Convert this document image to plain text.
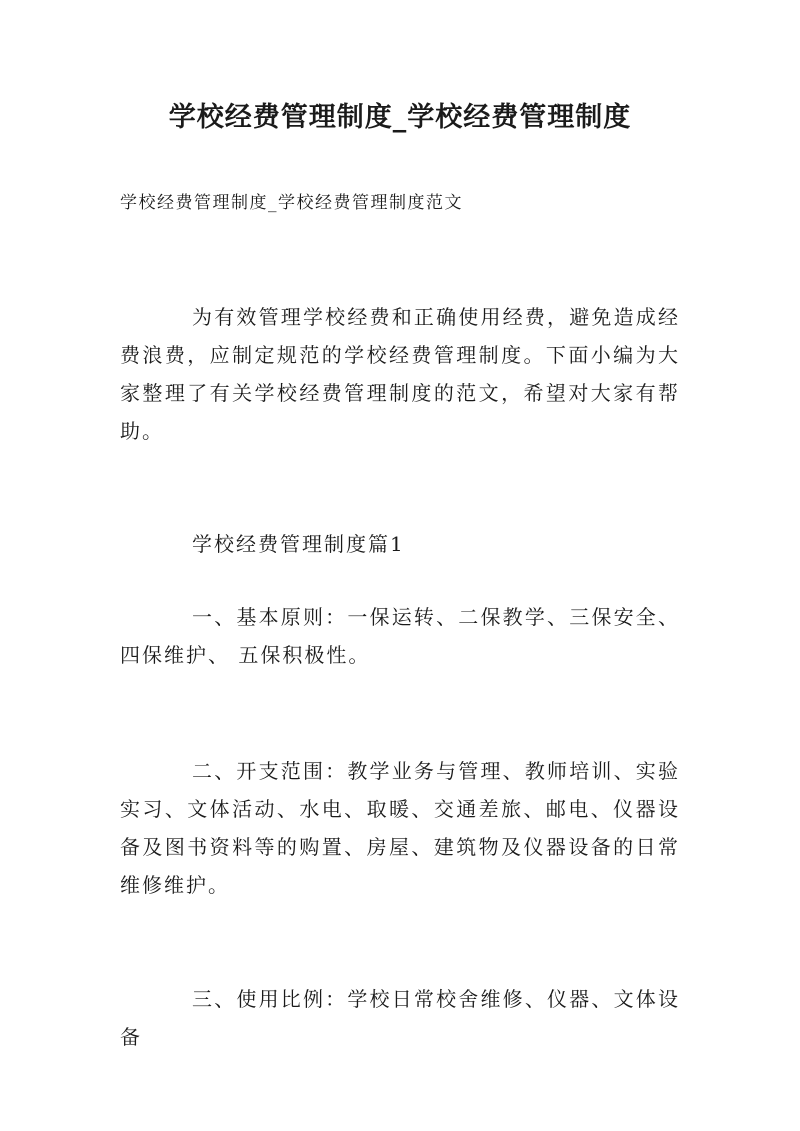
学校经费管理制度_学校经费管理制度
学校经费管理制度_学校经费管理制度范文

为有效管理学校经费和正确使用经费，避免造成经费浪费，应制定规范的学校经费管理制度。下面小编为大家整理了有关学校经费管理制度的范文，希望对大家有帮助。

学校经费管理制度篇1

一、基本原则：一保运转、二保教学、三保安全、四保维护、 五保积极性。

二、开支范围：教学业务与管理、教师培训、实验实习、文体活动、水电、取暖、交通差旅、邮电、仪器设备及图书资料等的购置、房屋、建筑物及仪器设备的日常维修维护。

三、使用比例：学校日常校舍维修、仪器、文体设备
